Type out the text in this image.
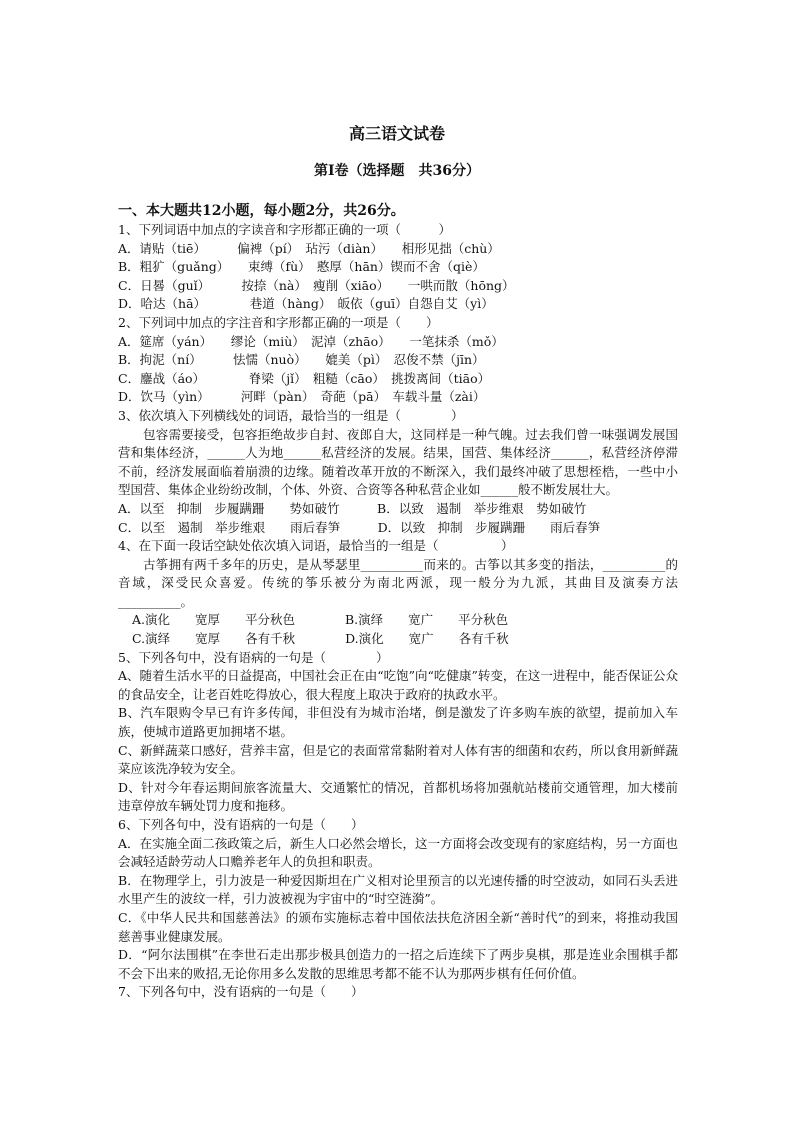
高三语文试卷
第Ⅰ卷（选择题　共36分）
一、本大题共12小题，每小题2分，共26分。
1、下列词语中加点的字读音和字形都正确的一项（　　　）
A．请贴（tiē）　　　偏裨（pí）　玷污（diàn）　　相形见拙（chù）
B．粗犷（guǎng）　　束缚（fù）　憨厚（hān）锲而不舍（qiè）
C．日晷（guǐ）　　　按捺（nà）　瘦削（xiāo）　　一哄而散（hōng）
D．哈达（hā）　　　　巷道（hàng）　皈依（guī）自怨自艾（yì）
2、下列词中加点的字注音和字形都正确的一项是（　　）
A．筵席（yán）　　缪论（miù）　泥淖（zhāo）　　一笔抹杀（mǒ）
B．拘泥（ní）　　　怯懦（nuò）　　媲美（pì）　忍俊不禁（jīn）
C．鏖战（áo）　　　　脊梁（jǐ）　粗糙（cāo）　挑拨离间（tiāo）
D．饮马（yìn）　　　河畔（pàn）　奇葩（pā）　车载斗量（zài）
3、依次填入下列横线处的词语，最恰当的一组是（　　　　）
包容需要接受，包容拒绝故步自封、夜郎自大，这同样是一种气魄。过去我们曾一味强调发展国营和集体经济，______人为地______私营经济的发展。结果，国营、集体经济______，私营经济停滞不前，经济发展面临着崩溃的边缘。随着改革开放的不断深入，我们最终冲破了思想桎梏，一些中小型国营、集体企业纷纷改制，个体、外资、合资等各种私营企业如______般不断发展壮大。
A．以至　抑制　步履蹒跚　　势如破竹　　　B．以致　遏制　举步维艰　势如破竹
C．以至　遏制　举步维艰　　雨后春笋　　　D．以致　抑制　步履蹒跚　　雨后春笋
4、在下面一段话空缺处依次填入词语，最恰当的一组是（　　　　　）
古筝拥有两千多年的历史，是从琴瑟里__________而来的。古筝以其多变的指法，__________的音域，深受民众喜爱。传统的筝乐被分为南北两派，现一般分为九派，其曲目及演奏方法__________。
A.演化　　宽厚　　平分秋色　　　　B.演绎　　宽广　　平分秋色
C.演绎　　宽厚　　各有千秋　　　　D.演化　　宽广　　各有千秋
5、下列各句中，没有语病的一句是（　　　　）
A、随着生活水平的日益提高，中国社会正在由“吃饱”向“吃健康”转变，在这一进程中，能否保证公众的食品安全，让老百姓吃得放心，很大程度上取决于政府的执政水平。
B、汽车限购令早已有许多传闻，非但没有为城市治堵，倒是激发了许多购车族的欲望，提前加入车族，使城市道路更加拥堵不堪。
C、新鲜蔬菜口感好，营养丰富，但是它的表面常常黏附着对人体有害的细菌和农药，所以食用新鲜蔬菜应该洗净较为安全。
D、针对今年春运期间旅客流量大、交通繁忙的情况，首都机场将加强航站楼前交通管理，加大楼前违章停放车辆处罚力度和拖移。
6、下列各句中，没有语病的一句是（　　）
A．在实施全面二孩政策之后，新生人口必然会增长，这一方面将会改变现有的家庭结构，另一方面也会减轻适龄劳动人口赡养老年人的负担和职责。
B．在物理学上，引力波是一种爱因斯坦在广义相对论里预言的以光速传播的时空波动，如同石头丢进水里产生的波纹一样，引力波被视为宇宙中的“时空涟漪”。
C．《中华人民共和国慈善法》的颁布实施标志着中国依法扶危济困全新“善时代”的到来，将推动我国慈善事业健康发展。
D．“阿尔法围棋”在李世石走出那步极具创造力的一招之后连续下了两步臭棋，那是连业余围棋手都不会下出来的败招,无论你用多么发散的思维思考都不能不认为那两步棋有任何价值。
7、下列各句中，没有语病的一句是（　　）
